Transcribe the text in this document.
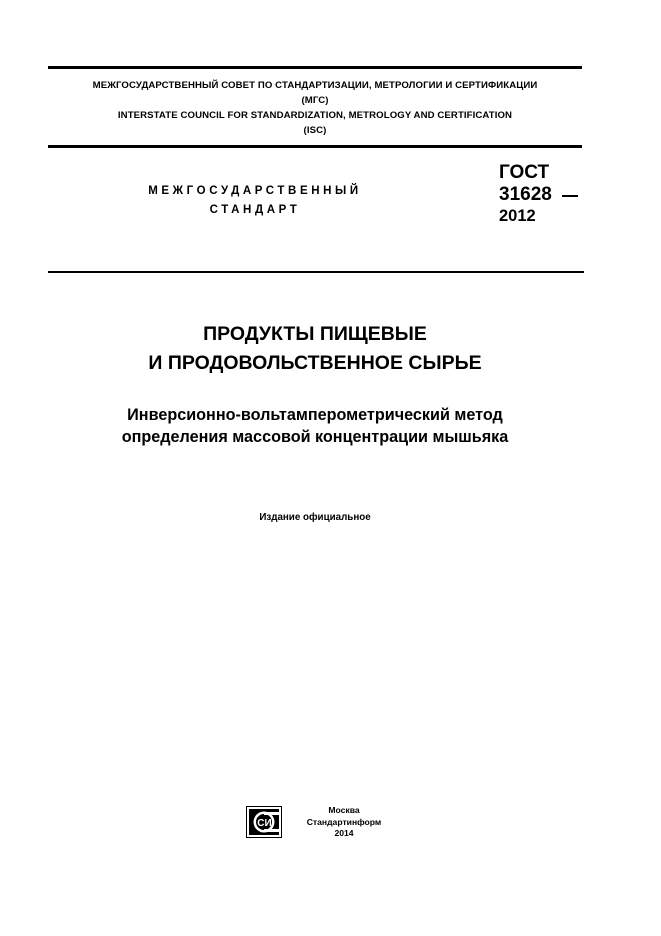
МЕЖГОСУДАРСТВЕННЫЙ СОВЕТ ПО СТАНДАРТИЗАЦИИ, МЕТРОЛОГИИ И СЕРТИФИКАЦИИ
(МГС)
INTERSTATE COUNCIL FOR STANDARDIZATION, METROLOGY AND CERTIFICATION
(ISC)
МЕЖГОСУДАРСТВЕННЫЙ
СТАНДАРТ
ГОСТ
31628
2012
ПРОДУКТЫ ПИЩЕВЫЕ
И ПРОДОВОЛЬСТВЕННОЕ СЫРЬЕ
Инверсионно-вольтамперометрический метод
определения массовой концентрации мышьяка
Издание официальное
СИ
Москва
Стандартинформ
2014
